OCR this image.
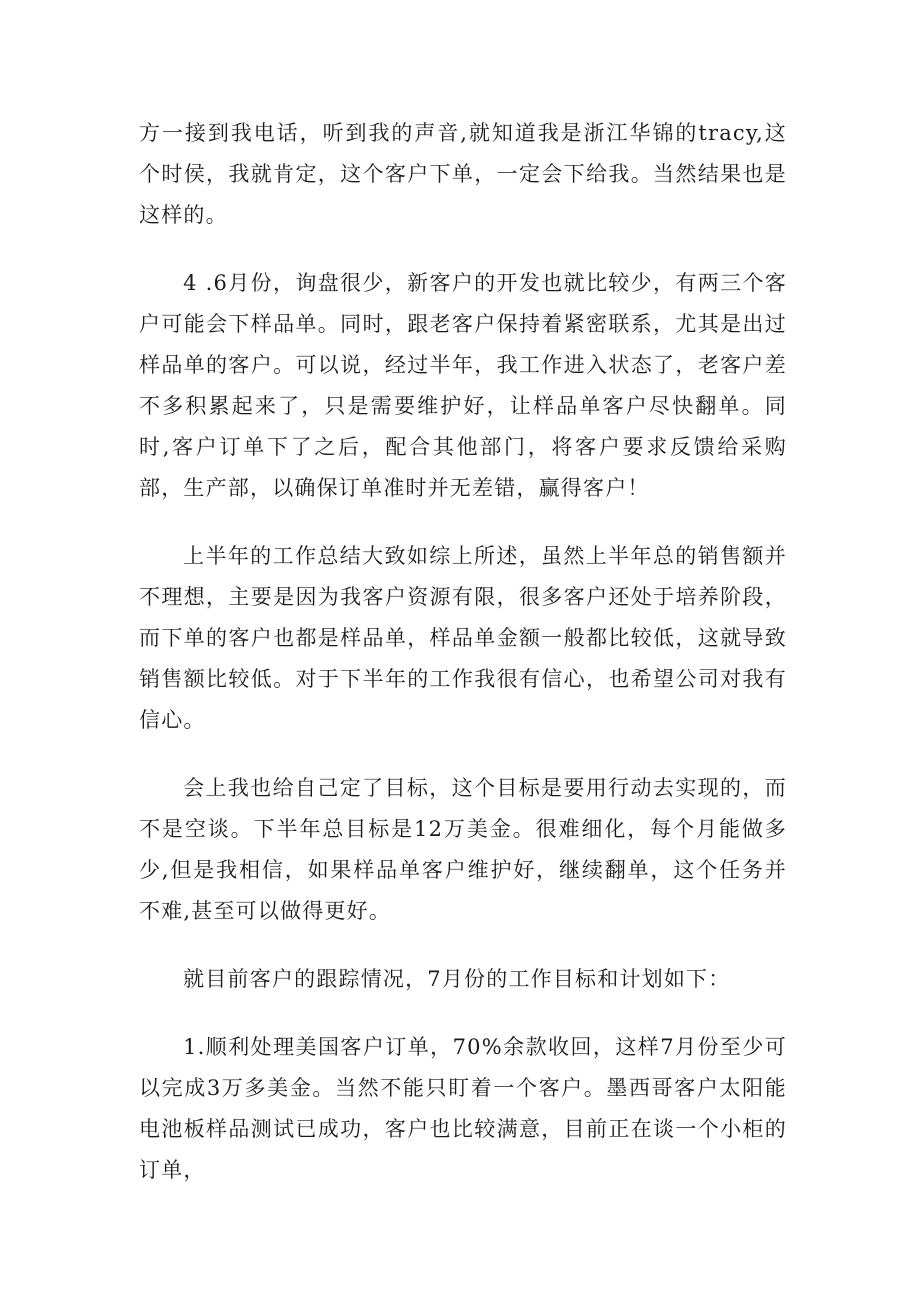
方一接到我电话，听到我的声音,就知道我是浙江华锦的tracy,这个时侯，我就肯定，这个客户下单，一定会下给我。当然结果也是这样的。

4 .6月份，询盘很少，新客户的开发也就比较少，有两三个客户可能会下样品单。同时，跟老客户保持着紧密联系，尤其是出过样品单的客户。可以说，经过半年，我工作进入状态了，老客户差不多积累起来了，只是需要维护好，让样品单客户尽快翻单。同时,客户订单下了之后，配合其他部门，将客户要求反馈给采购部，生产部，以确保订单准时并无差错，赢得客户！

上半年的工作总结大致如综上所述，虽然上半年总的销售额并不理想，主要是因为我客户资源有限，很多客户还处于培养阶段，而下单的客户也都是样品单，样品单金额一般都比较低，这就导致销售额比较低。对于下半年的工作我很有信心，也希望公司对我有信心。

会上我也给自己定了目标，这个目标是要用行动去实现的，而不是空谈。下半年总目标是12万美金。很难细化，每个月能做多少,但是我相信，如果样品单客户维护好，继续翻单，这个任务并不难,甚至可以做得更好。

就目前客户的跟踪情况，7月份的工作目标和计划如下：

1.顺利处理美国客户订单，70%余款收回，这样7月份至少可以完成3万多美金。当然不能只盯着一个客户。墨西哥客户太阳能电池板样品测试已成功，客户也比较满意，目前正在谈一个小柜的订单，
